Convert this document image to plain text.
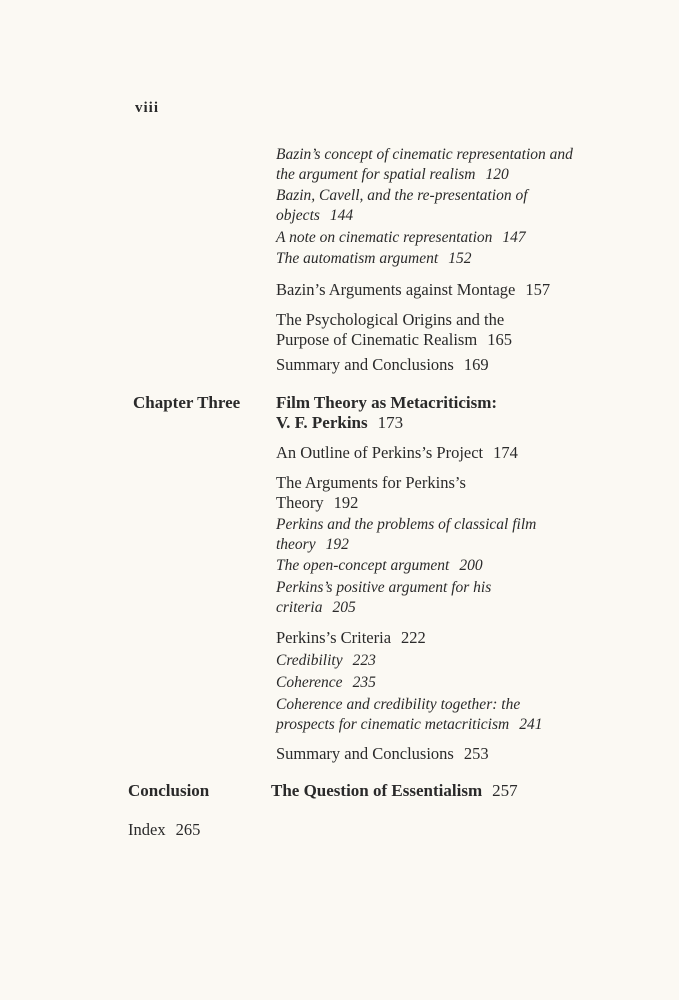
viii
Bazin’s concept of cinematic representation and
the argument for spatial realism 120
Bazin, Cavell, and the re-presentation of
objects 144
A note on cinematic representation 147
The automatism argument 152
Bazin’s Arguments against Montage 157
The Psychological Origins and the
Purpose of Cinematic Realism 165
Summary and Conclusions 169
Chapter Three Film Theory as Metacriticism:
V. F. Perkins 173
An Outline of Perkins’s Project 174
The Arguments for Perkins’s
Theory 192
Perkins and the problems of classical film
theory 192
The open-concept argument 200
Perkins’s positive argument for his
criteria 205
Perkins’s Criteria 222
Credibility 223
Coherence 235
Coherence and credibility together: the
prospects for cinematic metacriticism 241
Summary and Conclusions 253
Conclusion	The Question of Essentialism 257
Index 265
